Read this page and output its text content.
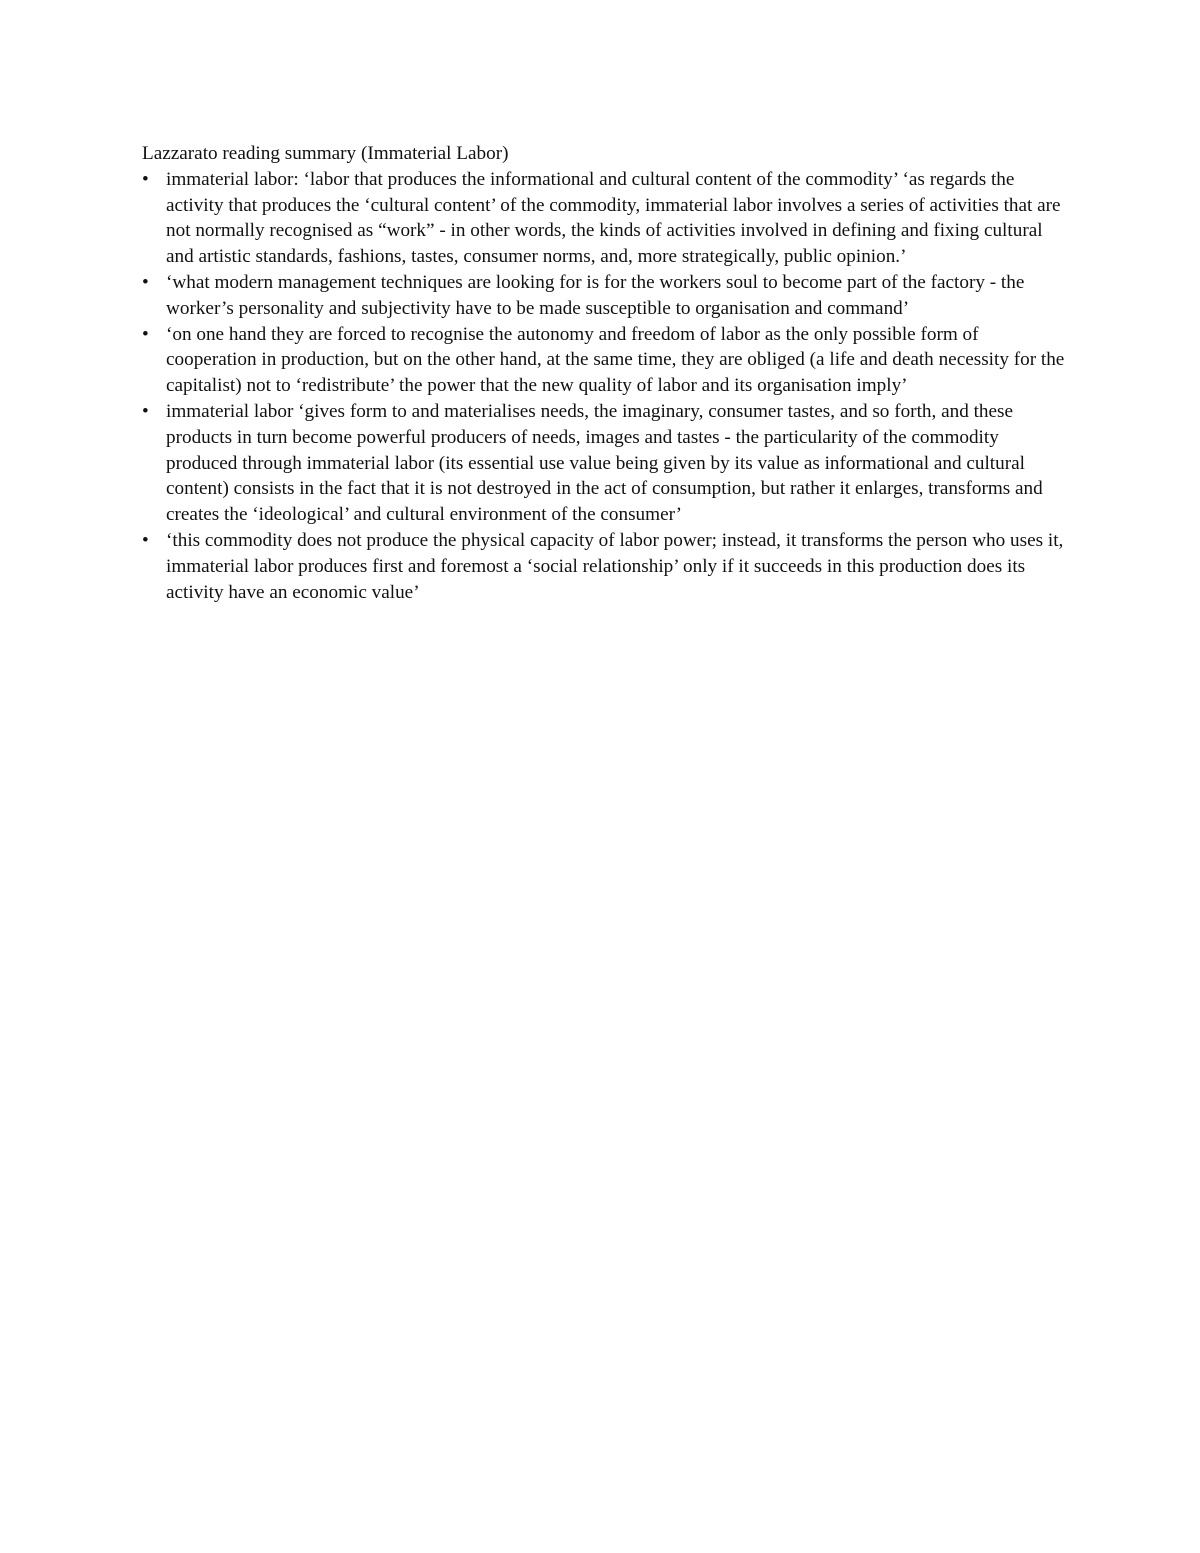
Lazzarato reading summary (Immaterial Labor)

• immaterial labor: ‘labor that produces the informational and cultural content of the commodity’ ‘as regards the activity that produces the ‘cultural content’ of the commodity, immaterial labor involves a series of activities that are not normally recognised as “work” - in other words, the kinds of activities involved in defining and fixing cultural and artistic standards, fashions, tastes, consumer norms, and, more strategically, public opinion.’
• ‘what modern management techniques are looking for is for the workers soul to become part of the factory - the worker’s personality and subjectivity have to be made susceptible to organisation and command’
• ‘on one hand they are forced to recognise the autonomy and freedom of labor as the only possible form of cooperation in production, but on the other hand, at the same time, they are obliged (a life and death necessity for the capitalist) not to ‘redistribute’ the power that the new quality of labor and its organisation imply’
• immaterial labor ‘gives form to and materialises needs, the imaginary, consumer tastes, and so forth, and these products in turn become powerful producers of needs, images and tastes - the particularity of the commodity produced through immaterial labor (its essential use value being given by its value as informational and cultural content) consists in the fact that it is not destroyed in the act of consumption, but rather it enlarges, transforms and creates the ‘ideological’ and cultural environment of the consumer’
• ‘this commodity does not produce the physical capacity of labor power; instead, it transforms the person who uses it, immaterial labor produces first and foremost a ‘social relationship’ only if it succeeds in this production does its activity have an economic value’
